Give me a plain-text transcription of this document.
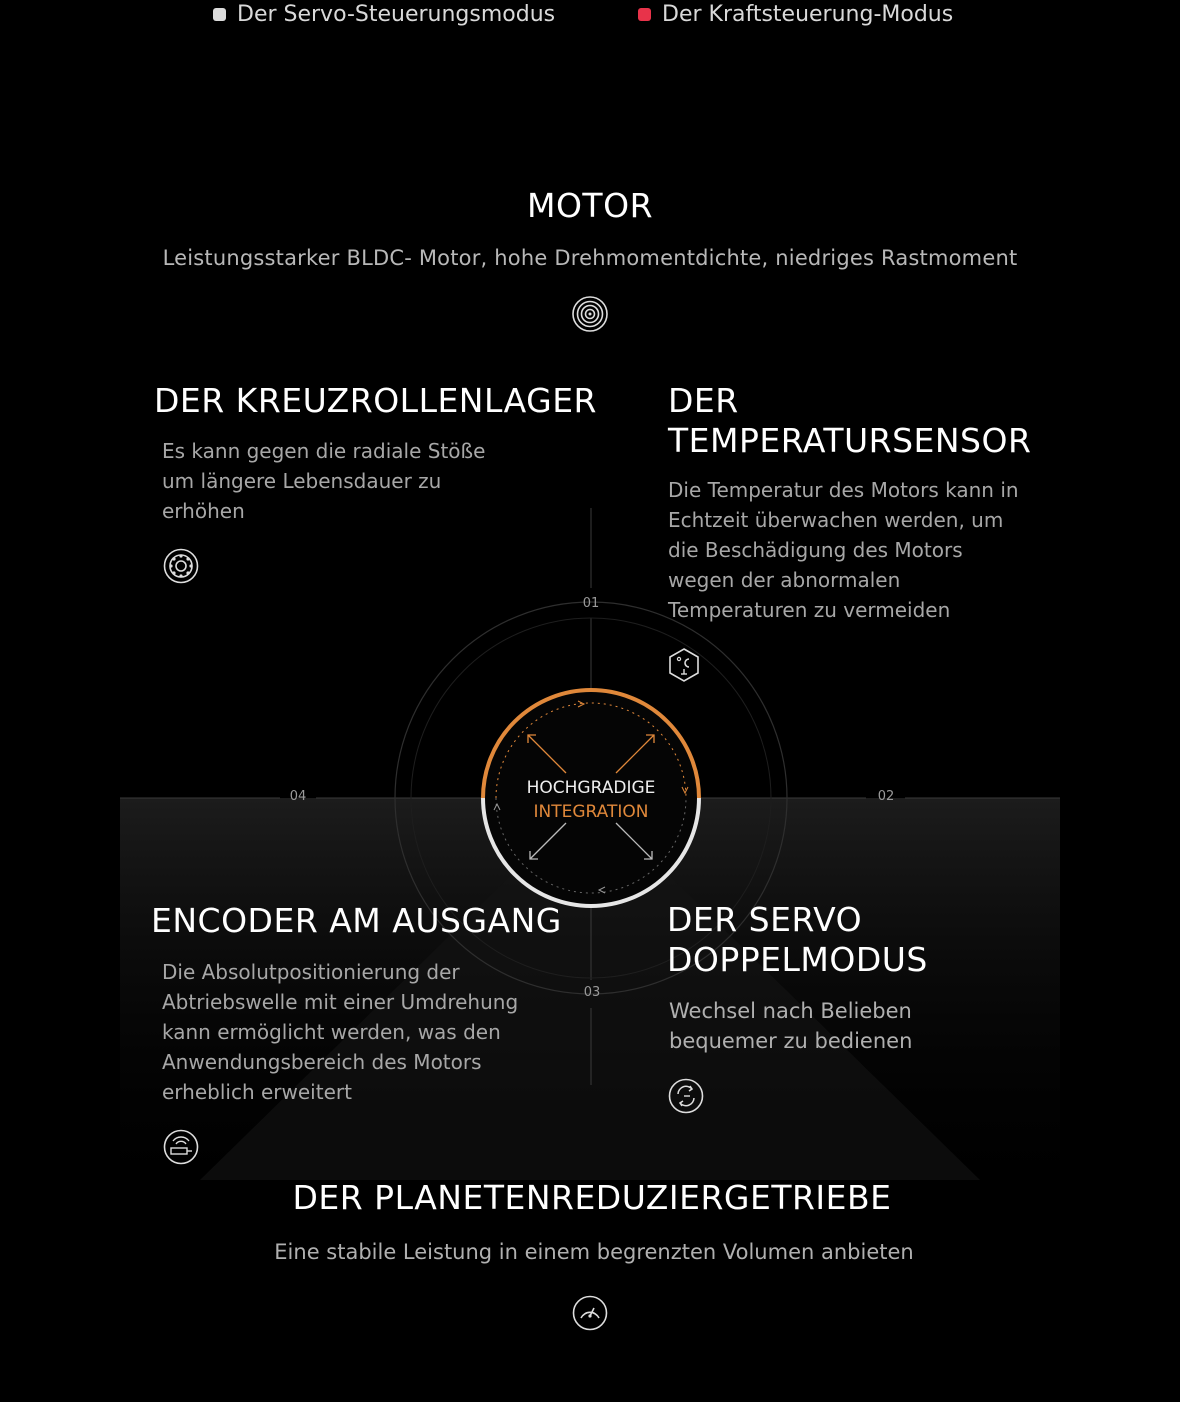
Der Servo-Steuerungsmodus	Der Kraftsteuerung-Modus
MOTOR
Leistungsstarker BLDC- Motor, hohe Drehmomentdichte, niedriges Rastmoment
DER KREUZROLLENLAGER
Es kann gegen die radiale Stöße
um längere Lebensdauer zu
erhöhen
DER
TEMPERATURSENSOR
Die Temperatur des Motors kann in
Echtzeit überwachen werden, um
die Beschädigung des Motors
wegen der abnormalen
Temperaturen zu vermeiden
01
02
03
04	HOCHGRADIGE
INTEGRATION
ENCODER AM AUSGANG
Die Absolutpositionierung der
Abtriebswelle mit einer Umdrehung
kann ermöglicht werden, was den
Anwendungsbereich des Motors
erheblich erweitert
DER SERVO
DOPPELMODUS
Wechsel nach Belieben
bequemer zu bedienen
DER PLANETENREDUZIERGETRIEBE
Eine stabile Leistung in einem begrenzten Volumen anbieten
